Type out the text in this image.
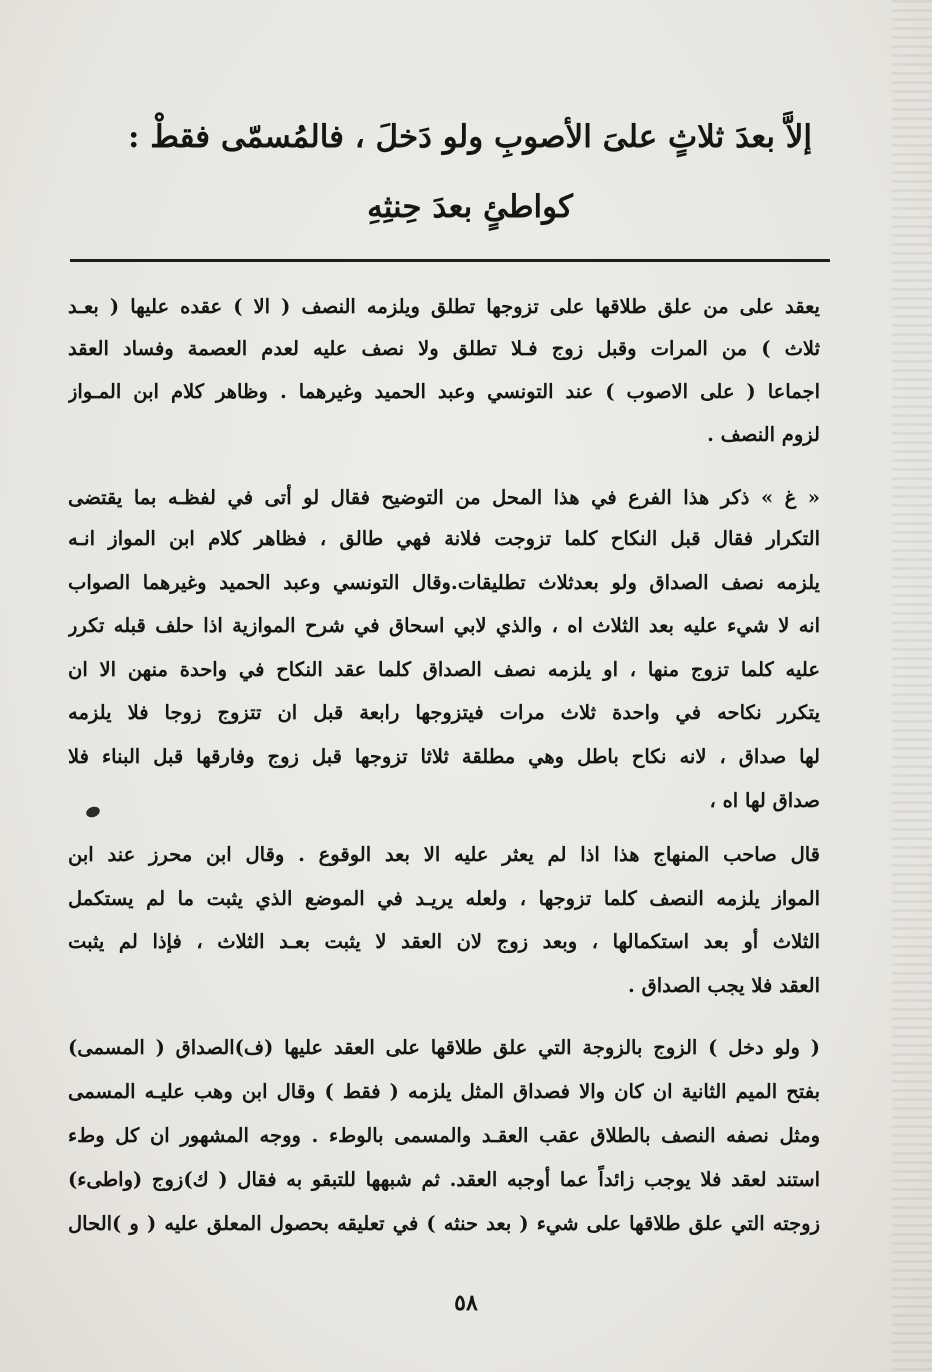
إلاَّ بعدَ ثلاثٍ علىَ الأصوبِ ولو دَخلَ ، فالمُسمّى فقطْ :
كواطئٍ بعدَ حِنثِهِ
يعقد على من علق طلاقها على تزوجها تطلق ويلزمه النصف ( الا ) عقده عليها ( بعـد
ثلاث ) من المرات وقبل زوج فـلا تطلق ولا نصف عليه لعدم العصمة وفساد العقد
اجماعا ( على الاصوب ) عند التونسي وعبد الحميد وغيرهما . وظاهر كلام ابن المـواز
لزوم النصف .
« غ » ذكر هذا الفرع في هذا المحل من التوضيح فقال لو أتى في لفظـه بما يقتضى
التكرار فقال قبل النكاح كلما تزوجت فلانة فهي طالق ، فظاهر كلام ابن المواز انـه
يلزمه نصف الصداق ولو بعدثلاث تطليقات.وقال التونسي وعبد الحميد وغيرهما الصواب
انه لا شيء عليه بعد الثلاث اه ، والذي لابي اسحاق في شرح الموازية اذا حلف قبله تكرر
عليه كلما تزوج منها ، او يلزمه نصف الصداق كلما عقد النكاح في واحدة منهن الا ان
يتكرر نكاحه في واحدة ثلاث مرات فيتزوجها رابعة قبل ان تتزوج زوجا فلا يلزمه
لها صداق ، لانه نكاح باطل وهي مطلقة ثلاثا تزوجها قبل زوج وفارقها قبل البناء فلا
صداق لها اه ،
قال صاحب المنهاج هذا اذا لم يعثر عليه الا بعد الوقوع . وقال ابن محرز عند ابن
المواز يلزمه النصف كلما تزوجها ، ولعله يريـد في الموضع الذي يثبت ما لم يستكمل
الثلاث أو بعد استكمالها ، وبعد زوج لان العقد لا يثبت بعـد الثلاث ، فإذا لم يثبت
العقد فلا يجب الصداق .
( ولو دخل ) الزوج بالزوجة التي علق طلاقها على العقد عليها (ف)الصداق ( المسمى)
بفتح الميم الثانية ان كان والا فصداق المثل يلزمه ( فقط ) وقال ابن وهب عليـه المسمى
ومثل نصفه النصف بالطلاق عقب العقـد والمسمى بالوطء . ووجه المشهور ان كل وطء
استند لعقد فلا يوجب زائداً عما أوجبه العقد. ثم شبهها للتبقو به فقال ( ك)زوج (واطىء)
زوجته التي علق طلاقها على شيء ( بعد حنثه ) في تعليقه بحصول المعلق عليه ( و )الحال
٥٨
